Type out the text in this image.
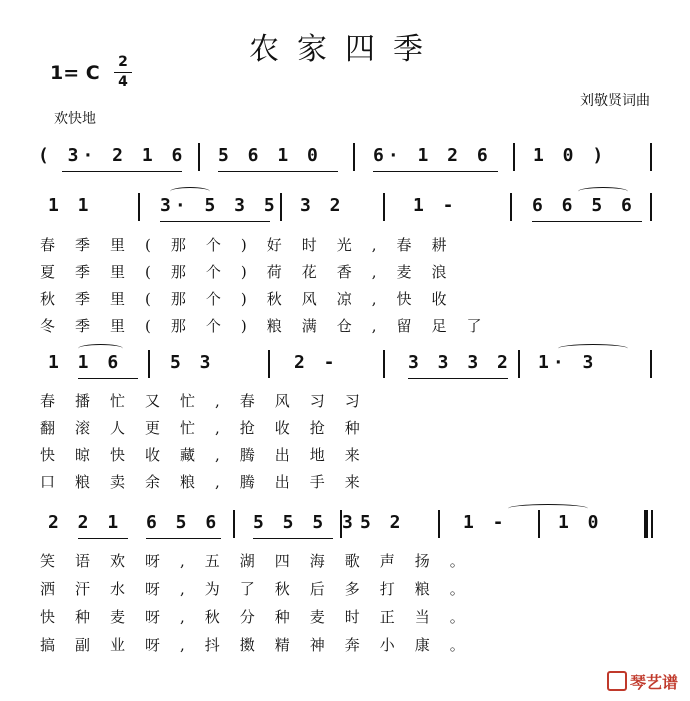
农家四季
1= C 2
4
刘敬贤词曲
欢快地
( 3· 2 1 6 5 6 1 0	6· 1 2 6 1 0 )
1 1	3· 5 3 5 3 2	1 -	6 6 5 6
春季里(那个)好时光,春耕
夏季里(那个)荷花香,麦浪
秋季里(那个)秋风凉,快收
冬季里(那个)粮满仓,留足了
1 1 6	5 3	2 -	3 3 3 2 1· 3
春播忙又忙,春风习习
翻滚人更忙,抢收抢种
快晾快收藏,腾出地来
口粮卖余粮,腾出手来
2 2 1 6 5 6 5 5 5 3 5 2	1 -	1 0
笑语欢呀,五湖四海歌声扬。
洒汗水呀,为了秋后多打粮。
快种麦呀,秋分种麦时正当。
搞副业呀,抖擞精神奔小康。
琴艺谱
